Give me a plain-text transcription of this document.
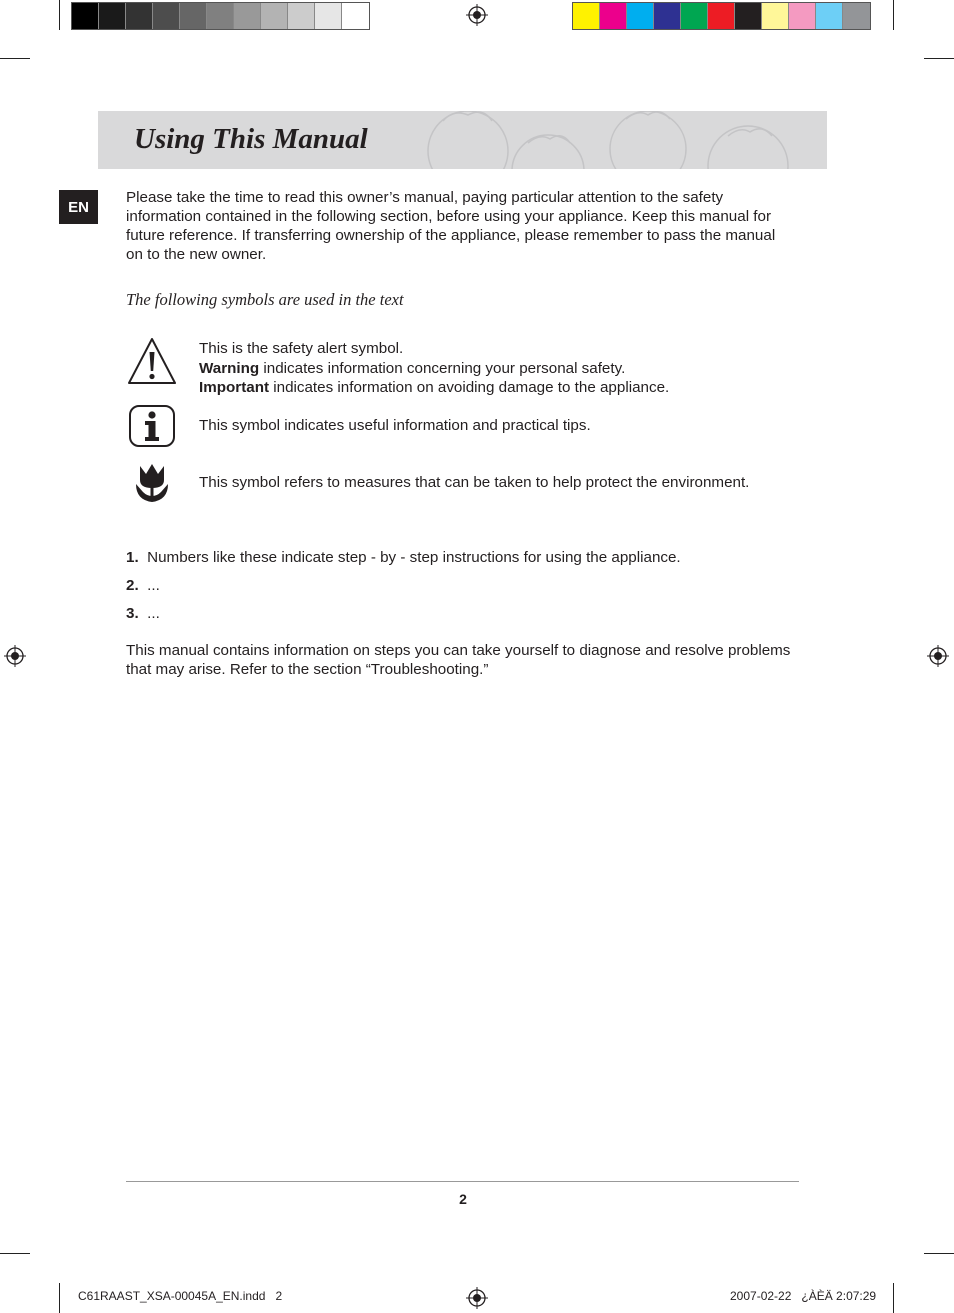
Using This Manual
EN
Please take the time to read this owner’s manual, paying particular attention to the safety information contained in the following section, before using your appliance. Keep this manual for future reference. If transferring ownership of the appliance, please remember to pass the manual on to the new owner.
The following symbols are used in the text
This is the safety alert symbol.
Warning indicates information concerning your personal safety.
Important indicates information on avoiding damage to the appliance.
This symbol indicates useful information and practical tips.
This symbol refers to measures that can be taken to help protect the environment.
1. Numbers like these indicate step - by - step instructions for using the appliance.
2. ...
3. ...
This manual contains information on steps you can take yourself to diagnose and resolve problems that may arise. Refer to the section “Troubleshooting.”
2
C61RAAST_XSA-00045A_EN.indd   2	2007-02-22   ¿ÀÈÄ 2:07:29
